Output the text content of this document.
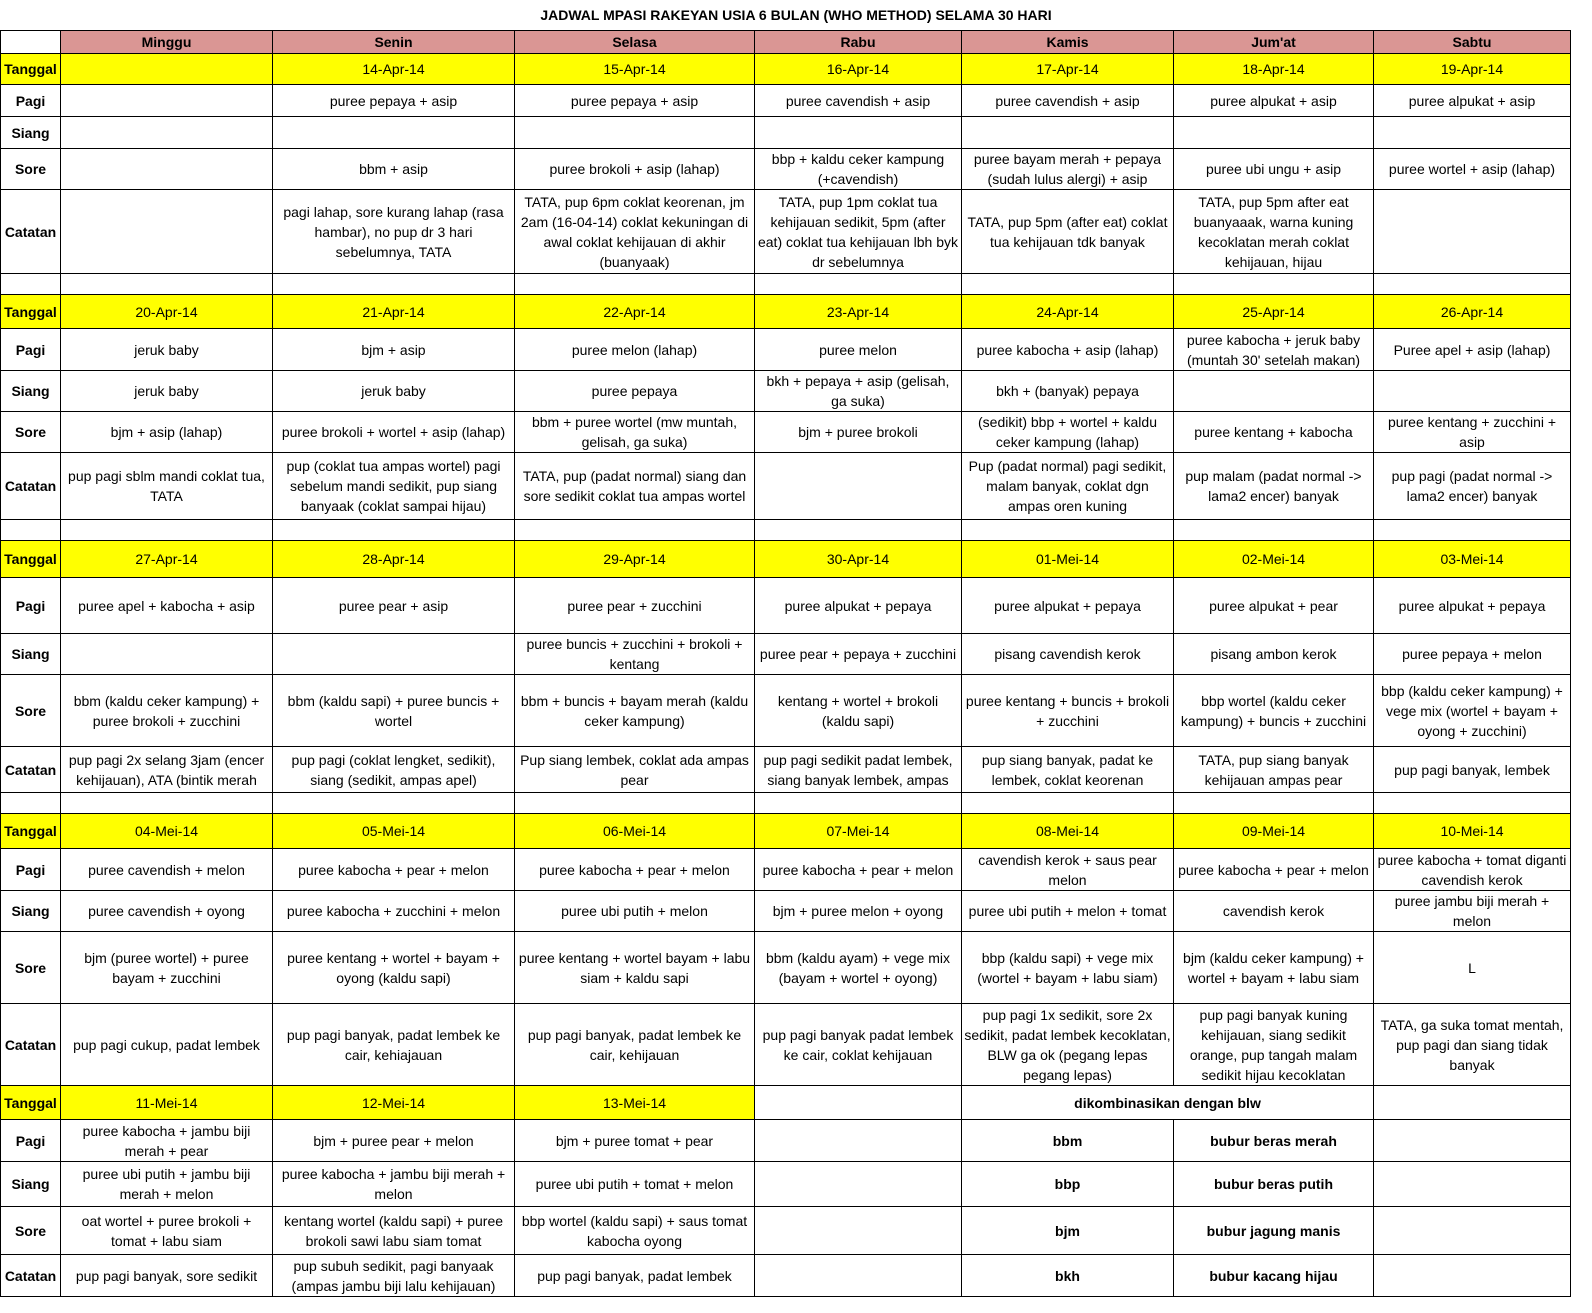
JADWAL MPASI RAKEYAN USIA 6 BULAN (WHO METHOD) SELAMA 30 HARI
	Minggu	Senin	Selasa	Rabu	Kamis	Jum'at	Sabtu
Tanggal		14-Apr-14	15-Apr-14	16-Apr-14	17-Apr-14	18-Apr-14	19-Apr-14
Pagi		puree pepaya + asip	puree pepaya + asip	puree cavendish + asip	puree cavendish + asip	puree alpukat + asip	puree alpukat + asip
Siang							
Sore		bbm + asip	puree brokoli + asip (lahap)	bbp + kaldu ceker kampung (+cavendish)	puree bayam merah + pepaya (sudah lulus alergi) + asip	puree ubi ungu + asip	puree wortel + asip (lahap)
Catatan		pagi lahap, sore kurang lahap (rasa hambar), no pup dr 3 hari sebelumnya, TATA	TATA, pup 6pm coklat keorenan, jm 2am (16-04-14) coklat kekuningan di awal coklat kehijauan di akhir (buanyaak)	TATA, pup 1pm coklat tua kehijauan sedikit, 5pm (after eat) coklat tua kehijauan lbh byk dr sebelumnya	TATA, pup 5pm (after eat) coklat tua kehijauan tdk banyak	TATA, pup 5pm after eat buanyaaak, warna kuning kecoklatan merah coklat kehijauan, hijau	

Tanggal	20-Apr-14	21-Apr-14	22-Apr-14	23-Apr-14	24-Apr-14	25-Apr-14	26-Apr-14
Pagi	jeruk baby	bjm + asip	puree melon (lahap)	puree melon	puree kabocha + asip (lahap)	puree kabocha + jeruk baby (muntah 30' setelah makan)	Puree apel + asip (lahap)
Siang	jeruk baby	jeruk baby	puree pepaya	bkh + pepaya + asip (gelisah, ga suka)	bkh + (banyak) pepaya		
Sore	bjm + asip (lahap)	puree brokoli + wortel + asip (lahap)	bbm + puree wortel (mw muntah, gelisah, ga suka)	bjm + puree brokoli	(sedikit) bbp + wortel + kaldu ceker kampung (lahap)	puree kentang + kabocha	puree kentang + zucchini + asip
Catatan	pup pagi sblm mandi coklat tua, TATA	pup (coklat tua ampas wortel) pagi sebelum mandi sedikit, pup siang banyaak (coklat sampai hijau)	TATA, pup (padat normal) siang dan sore sedikit coklat tua ampas wortel		Pup (padat normal) pagi sedikit, malam banyak, coklat dgn ampas oren kuning	pup malam (padat normal -> lama2 encer) banyak	pup pagi (padat normal -> lama2 encer) banyak

Tanggal	27-Apr-14	28-Apr-14	29-Apr-14	30-Apr-14	01-Mei-14	02-Mei-14	03-Mei-14
Pagi	puree apel + kabocha + asip	puree pear + asip	puree pear + zucchini	puree alpukat + pepaya	puree alpukat + pepaya	puree alpukat + pear	puree alpukat + pepaya
Siang			puree buncis + zucchini + brokoli + kentang	puree pear + pepaya + zucchini	pisang cavendish kerok	pisang ambon kerok	puree pepaya + melon
Sore	bbm (kaldu ceker kampung) + puree brokoli + zucchini	bbm (kaldu sapi) + puree buncis + wortel	bbm + buncis + bayam merah (kaldu ceker kampung)	kentang + wortel + brokoli (kaldu sapi)	puree kentang + buncis + brokoli + zucchini	bbp wortel (kaldu ceker kampung) + buncis + zucchini	bbp (kaldu ceker kampung) + vege mix (wortel + bayam + oyong + zucchini)
Catatan	pup pagi 2x selang 3jam (encer kehijauan), ATA (bintik merah	pup pagi (coklat lengket, sedikit), siang (sedikit, ampas apel)	Pup siang lembek, coklat ada ampas pear	pup pagi sedikit padat lembek, siang banyak lembek, ampas	pup siang banyak, padat ke lembek, coklat keorenan	TATA, pup siang banyak kehijauan ampas pear	pup pagi banyak, lembek

Tanggal	04-Mei-14	05-Mei-14	06-Mei-14	07-Mei-14	08-Mei-14	09-Mei-14	10-Mei-14
Pagi	puree cavendish + melon	puree kabocha + pear + melon	puree kabocha + pear + melon	puree kabocha + pear + melon	cavendish kerok + saus pear melon	puree kabocha + pear + melon	puree kabocha + tomat diganti cavendish kerok
Siang	puree cavendish + oyong	puree kabocha + zucchini + melon	puree ubi putih + melon	bjm + puree melon + oyong	puree ubi putih + melon + tomat	cavendish kerok	puree jambu biji merah + melon
Sore	bjm (puree wortel) + puree bayam + zucchini	puree kentang + wortel + bayam + oyong (kaldu sapi)	puree kentang + wortel bayam + labu siam + kaldu sapi	bbm (kaldu ayam) + vege mix (bayam + wortel + oyong)	bbp (kaldu sapi) + vege mix (wortel + bayam + labu siam)	bjm (kaldu ceker kampung) + wortel + bayam + labu siam	L
Catatan	pup pagi cukup, padat lembek	pup pagi banyak, padat lembek ke cair, kehiajauan	pup pagi banyak, padat lembek ke cair, kehijauan	pup pagi banyak padat lembek ke cair, coklat kehijauan	pup pagi 1x sedikit, sore 2x sedikit, padat lembek kecoklatan, BLW ga ok (pegang lepas pegang lepas)	pup pagi banyak kuning kehijauan, siang sedikit orange, pup tangah malam sedikit hijau kecoklatan	TATA, ga suka tomat mentah, pup pagi dan siang tidak banyak
Tanggal	11-Mei-14	12-Mei-14	13-Mei-14		dikombinasikan dengan blw		
Pagi	puree kabocha + jambu biji merah + pear	bjm + puree pear + melon	bjm + puree tomat + pear		bbm	bubur beras merah	
Siang	puree ubi putih + jambu biji merah + melon	puree kabocha + jambu biji merah + melon	puree ubi putih + tomat + melon		bbp	bubur beras putih	
Sore	oat wortel + puree brokoli + tomat + labu siam	kentang wortel (kaldu sapi) + puree brokoli sawi labu siam tomat	bbp wortel (kaldu sapi) + saus tomat kabocha oyong		bjm	bubur jagung manis	
Catatan	pup pagi banyak, sore sedikit	pup subuh sedikit, pagi banyaak (ampas jambu biji lalu kehijauan)	pup pagi banyak, padat lembek		bkh	bubur kacang hijau	
